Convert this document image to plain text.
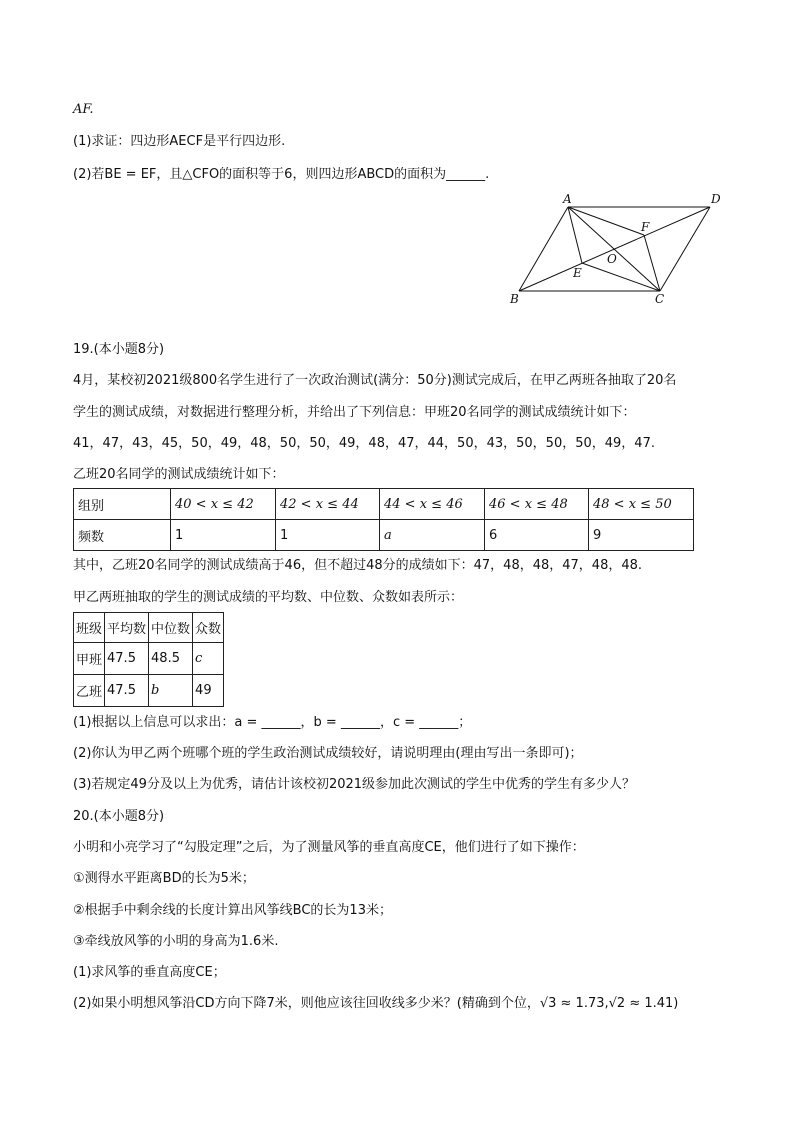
AF.
(1)求证：四边形AECF是平行四边形.
(2)若BE = EF，且△CFO的面积等于6，则四边形ABCD的面积为______.
A
B	C
D
E
F
O
19.(本小题8分)
4月，某校初2021级800名学生进行了一次政治测试(满分：50分)测试完成后，在甲乙两班各抽取了20名
学生的测试成绩，对数据进行整理分析，并给出了下列信息：甲班20名同学的测试成绩统计如下：
41，47，43，45，50，49，48，50，50，49，48，47，44，50，43，50，50，50，49，47.
乙班20名同学的测试成绩统计如下：
组别	40 < x ≤ 42	42 < x ≤ 44	44 < x ≤ 46	46 < x ≤ 48	48 < x ≤ 50
频数	1	1	a	6	9
其中，乙班20名同学的测试成绩高于46，但不超过48分的成绩如下：47，48，48，47，48，48.
甲乙两班抽取的学生的测试成绩的平均数、中位数、众数如表所示：
班级	平均数	中位数	众数
甲班	47.5	48.5	c
乙班	47.5	b	49
(1)根据以上信息可以求出：a = ______，b = ______，c = ______；
(2)你认为甲乙两个班哪个班的学生政治测试成绩较好，请说明理由(理由写出一条即可)；
(3)若规定49分及以上为优秀，请估计该校初2021级参加此次测试的学生中优秀的学生有多少人？
20.(本小题8分)
小明和小亮学习了“勾股定理”之后，为了测量风筝的垂直高度CE，他们进行了如下操作：
①测得水平距离BD的长为5米；
②根据手中剩余线的长度计算出风筝线BC的长为13米；
③牵线放风筝的小明的身高为1.6米.
(1)求风筝的垂直高度CE；
(2)如果小明想风筝沿CD方向下降7米，则他应该往回收线多少米？(精确到个位，√3 ≈ 1.73,√2 ≈ 1.41)
